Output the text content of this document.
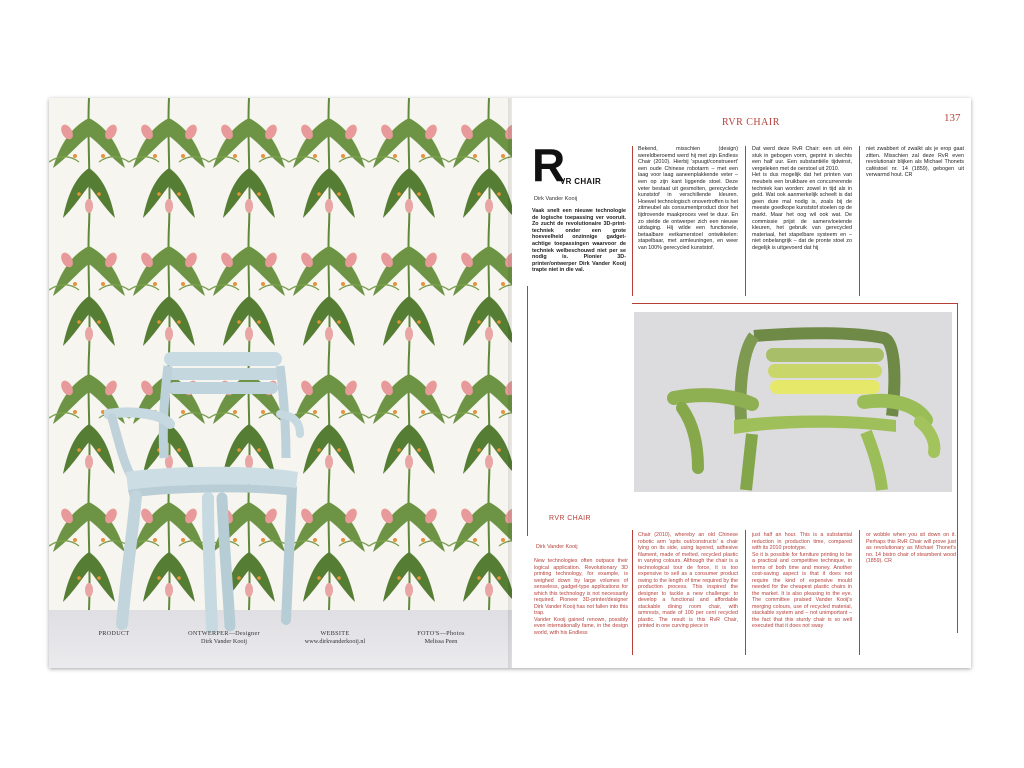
PRODUCT	ONTWERPER—Designer
Dirk Vander Kooij
WEBSITE
www.dirkvanderkooij.nl
FOTO'S—Photos
Melissa Peen
RVR CHAIR	137
R
VR CHAIR
Dirk Vander Kooij
Vaak snelt een nieuwe technologie de logische toepassing ver vooruit. Zo zucht de revolutionaire 3D-print-techniek onder een grote hoeveelheid onzinnige gadget-achtige toepassingen waarvoor de techniek welbeschouwd niet per se nodig is. Pionier 3D-printer/ontwerper Dirk Vander Kooij trapte niet in die val.
Bekend, misschien (design) wereldberoemd werd hij met zijn Endless Chair (2010). Hierbij 'spuugt/construeert' een oude Chinese robotarm – met een laag voor laag aaneenplakkende veter – een op zijn kant liggende stoel. Deze veter bestaat uit gesmolten, gerecyclede kunststof in verschillende kleuren. Hoewel technologisch onovertroffen is het zitmeubel als consumentproduct door het tijdrovende maakproces veel te duur. En zo stelde de ontwerper zich een nieuwe uitdaging. Hij wilde een functionele, betaalbare eetkamerstoel ontwikkelen: stapelbaar, met armleuningen, en weer van 100% gerecycled kunststof.
Dat werd deze RvR Chair: een uit één stuk in gebogen vorm, geprint in slechts een half uur. Een substantiële tijdwinst, vergeleken met de oerstoel uit 2010.
Het is dus mogelijk dat het printen van meubels een bruikbare en concurrerende techniek kan worden: zowel in tijd als in geld. Wat ook aanmerkelijk scheelt is dat geen dure mal nodig is, zoals bij de meeste goedkope kunststof stoelen op de markt. Maar het oog wil ook wat. De commissie prijst de samenvloeiende kleuren, het gebruik van gerecycled materiaal, het stapelbare systeem en – niet onbelangrijk – dat de pronte stoel zo degelijk is uitgevoerd dat hij
niet zwabbert of zwalkt als je erop gaat zitten. Misschien zal deze RvR even revolutionair blijken als Michael Thonets caféstoel nr. 14 (1859), gebogen uit verwarmd hout. CR
RVR CHAIR
Dirk Vander Kooij
New technologies often outpace their logical application. Revolutionary 3D printing technology, for example, is weighed down by large volumes of senseless, gadget-type applications for which this technology is not necessarily required. Pioneer 3D-printer/designer Dirk Vander Kooij has not fallen into this trap.
Vander Kooij gained renown, possibly even internationally fame, in the design world, with his Endless
Chair (2010), whereby an old Chinese robotic arm 'spits out/constructs' a chair lying on its side, using layered, adhesive filament, made of melted, recycled plastic in varying colours. Although the chair is a technological tour de force, it is too expensive to sell as a consumer product owing to the length of time required by the production process. This inspired the designer to tackle a new challenge: to develop a functional and affordable stackable dining room chair, with armrests, made of 100 per cent recycled plastic. The result is this RvR Chair, printed in one curving piece in
just half an hour. This is a substantial reduction in production time, compared with its 2010 prototype.
So it is possible for furniture printing to be a practical and competitive technique, in terms of both time and money. Another cost-saving aspect is that it does not require the kind of expensive mould needed for the cheapest plastic chairs in the market. It is also pleasing to the eye. The committee praised Vander Kooij's merging colours, use of recycled material, stackable system and – not unimportant – the fact that this sturdy chair is so well executed that it does not sway
or wobble when you sit down on it. Perhaps this RvR Chair will prove just as revolutionary as Michael Thonet's no. 14 bistro chair of steambent wood (1859). CR
